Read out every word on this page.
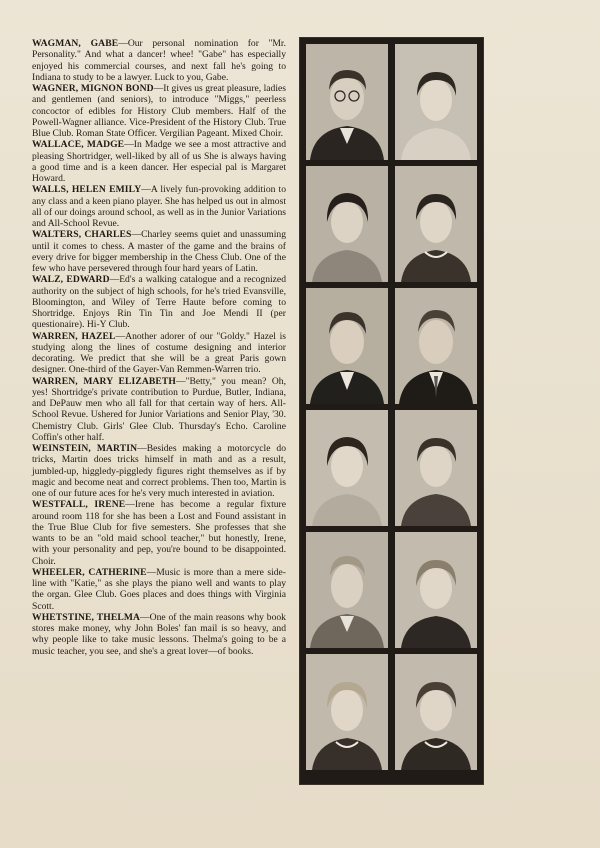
WAGMAN, GABE—Our personal nomination for "Mr. Personality." And what a dancer! whee! "Gabe" has especially enjoyed his commercial courses, and next fall he's going to Indiana to study to be a lawyer. Luck to you, Gabe.

WAGNER, MIGNON BOND—It gives us great pleasure, ladies and gentlemen (and seniors), to introduce "Miggs," peerless concoctor of edibles for History Club members. Half of the Powell-Wagner alliance. Vice-President of the History Club. True Blue Club. Roman State Officer. Vergilian Pageant. Mixed Choir.

WALLACE, MADGE—In Madge we see a most attractive and pleasing Shortridger, well-liked by all of us She is always having a good time and is a keen dancer. Her especial pal is Margaret Howard.

WALLS, HELEN EMILY—A lively fun-provoking addition to any class and a keen piano player. She has helped us out in almost all of our doings around school, as well as in the Junior Variations and All-School Revue.

WALTERS, CHARLES—Charley seems quiet and unassuming until it comes to chess. A master of the game and the brains of every drive for bigger membership in the Chess Club. One of the few who have persevered through four hard years of Latin.

WALZ, EDWARD—Ed's a walking catalogue and a recognized authority on the subject of high schools, for he's tried Evansville, Bloomington, and Wiley of Terre Haute before coming to Shortridge. Enjoys Rin Tin Tin and Joe Mendi II (per questionaire). Hi-Y Club.

WARREN, HAZEL—Another adorer of our "Goldy." Hazel is studying along the lines of costume designing and interior decorating. We predict that she will be a great Paris gown designer. One-third of the Gayer-Van Remmen-Warren trio.

WARREN, MARY ELIZABETH—"Betty," you mean? Oh, yes! Shortridge's private contribution to Purdue, Butler, Indiana, and DePauw men who all fall for that certain way of hers. All-School Revue. Ushered for Junior Variations and Senior Play, '30. Chemistry Club. Girls' Glee Club. Thursday's Echo. Caroline Coffin's other half.

WEINSTEIN, MARTIN—Besides making a motorcycle do tricks, Martin does tricks himself in math and as a result, jumbled-up, higgledy-piggledy figures right themselves as if by magic and become neat and correct problems. Then too, Martin is one of our future aces for he's very much interested in aviation.

WESTFALL, IRENE—Irene has become a regular fixture around room 118 for she has been a Lost and Found assistant in the True Blue Club for five semesters. She professes that she wants to be an "old maid school teacher," but honestly, Irene, with your personality and pep, you're bound to be disappointed. Choir.

WHEELER, CATHERINE—Music is more than a mere side-line with "Katie," as she plays the piano well and wants to play the organ. Glee Club. Goes places and does things with Virginia Scott.

WHETSTINE, THELMA—One of the main reasons why book stores make money, why John Boles' fan mail is so heavy, and why people like to take music lessons. Thelma's going to be a music teacher, you see, and she's a great lover—of books.
